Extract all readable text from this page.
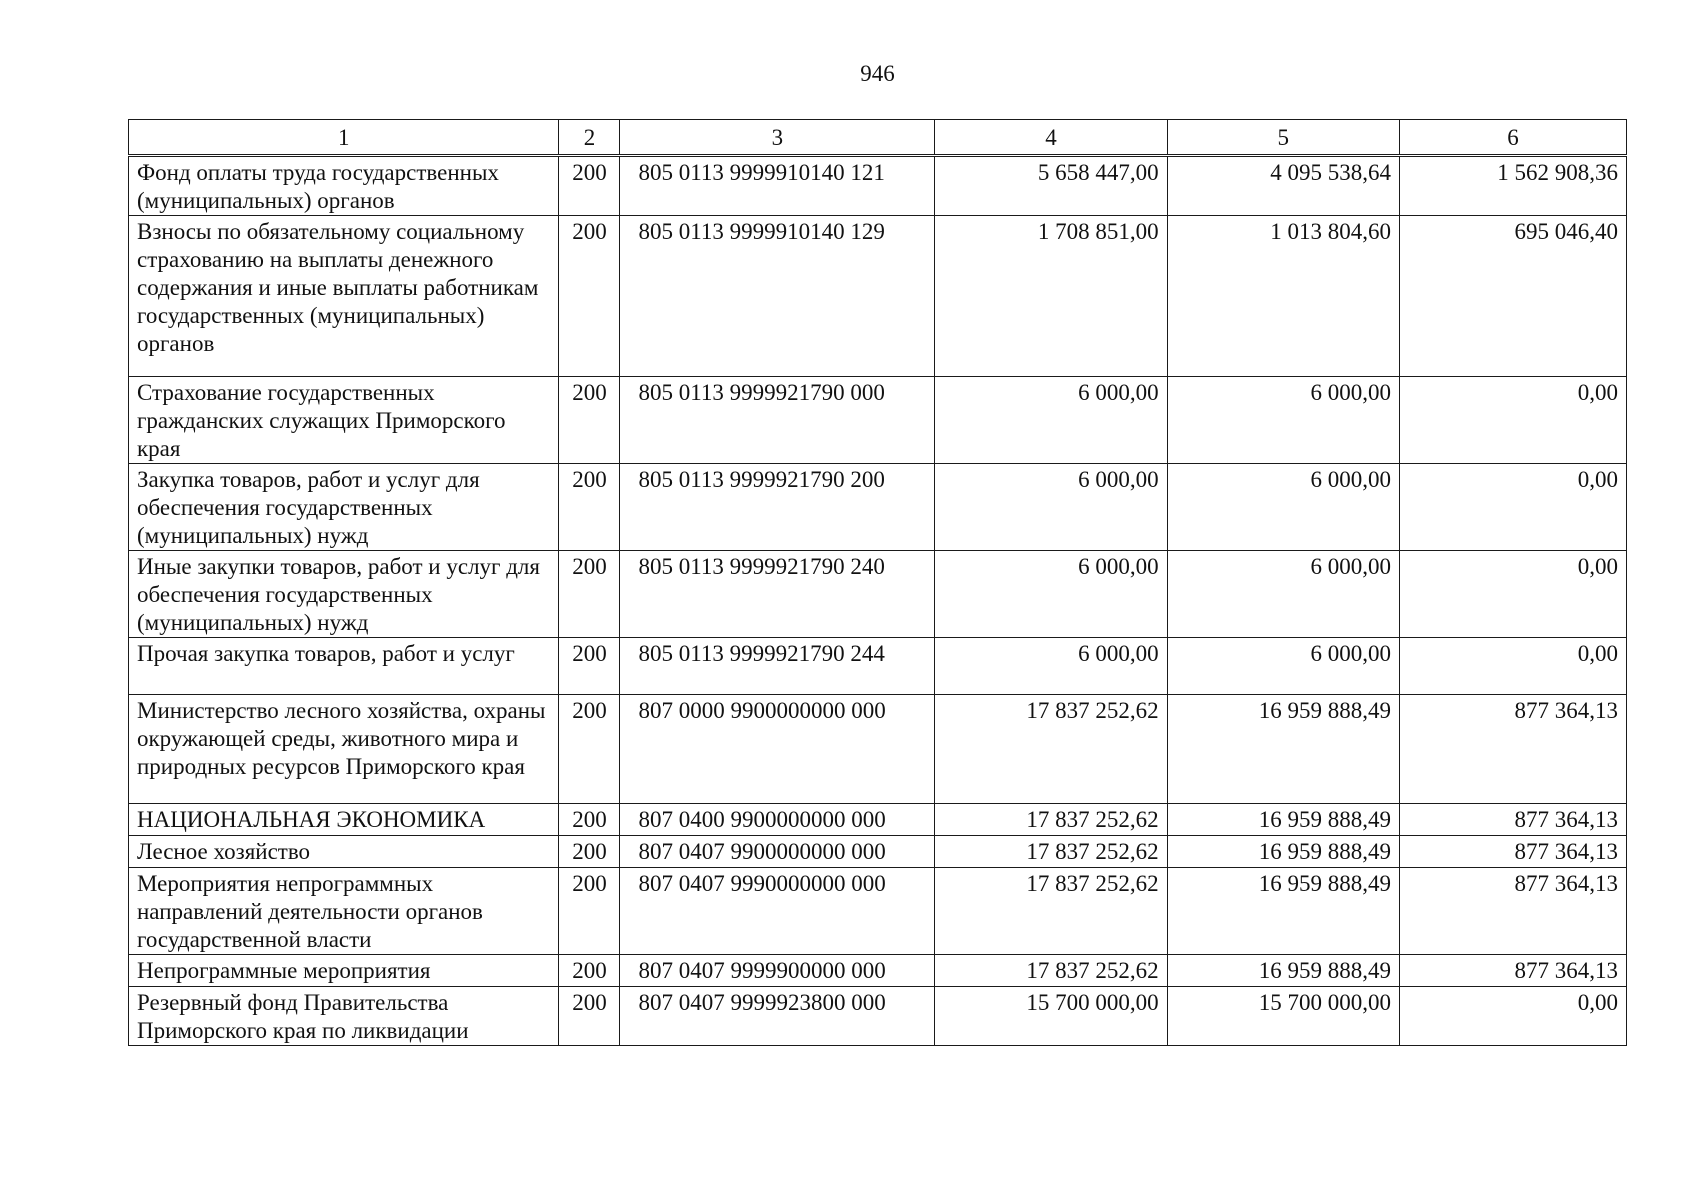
946
1	2	3	4	5	6
Фонд оплаты труда государственных (муниципальных) органов	200	805 0113 9999910140 121	5 658 447,00	4 095 538,64	1 562 908,36
Взносы по обязательному социальному страхованию на выплаты денежного содержания и иные выплаты работникам государственных (муниципальных) органов	200	805 0113 9999910140 129	1 708 851,00	1 013 804,60	695 046,40
Страхование государственных гражданских служащих Приморского края	200	805 0113 9999921790 000	6 000,00	6 000,00	0,00
Закупка товаров, работ и услуг для обеспечения государственных (муниципальных) нужд	200	805 0113 9999921790 200	6 000,00	6 000,00	0,00
Иные закупки товаров, работ и услуг для обеспечения государственных (муниципальных) нужд	200	805 0113 9999921790 240	6 000,00	6 000,00	0,00
Прочая закупка товаров, работ и услуг	200	805 0113 9999921790 244	6 000,00	6 000,00	0,00
Министерство лесного хозяйства, охраны окружающей среды, животного мира и природных ресурсов Приморского края	200	807 0000 9900000000 000	17 837 252,62	16 959 888,49	877 364,13
НАЦИОНАЛЬНАЯ ЭКОНОМИКА	200	807 0400 9900000000 000	17 837 252,62	16 959 888,49	877 364,13
Лесное хозяйство	200	807 0407 9900000000 000	17 837 252,62	16 959 888,49	877 364,13
Мероприятия непрограммных направлений деятельности органов государственной власти	200	807 0407 9990000000 000	17 837 252,62	16 959 888,49	877 364,13
Непрограммные мероприятия	200	807 0407 9999900000 000	17 837 252,62	16 959 888,49	877 364,13
Резервный фонд Правительства Приморского края по ликвидации	200	807 0407 9999923800 000	15 700 000,00	15 700 000,00	0,00
